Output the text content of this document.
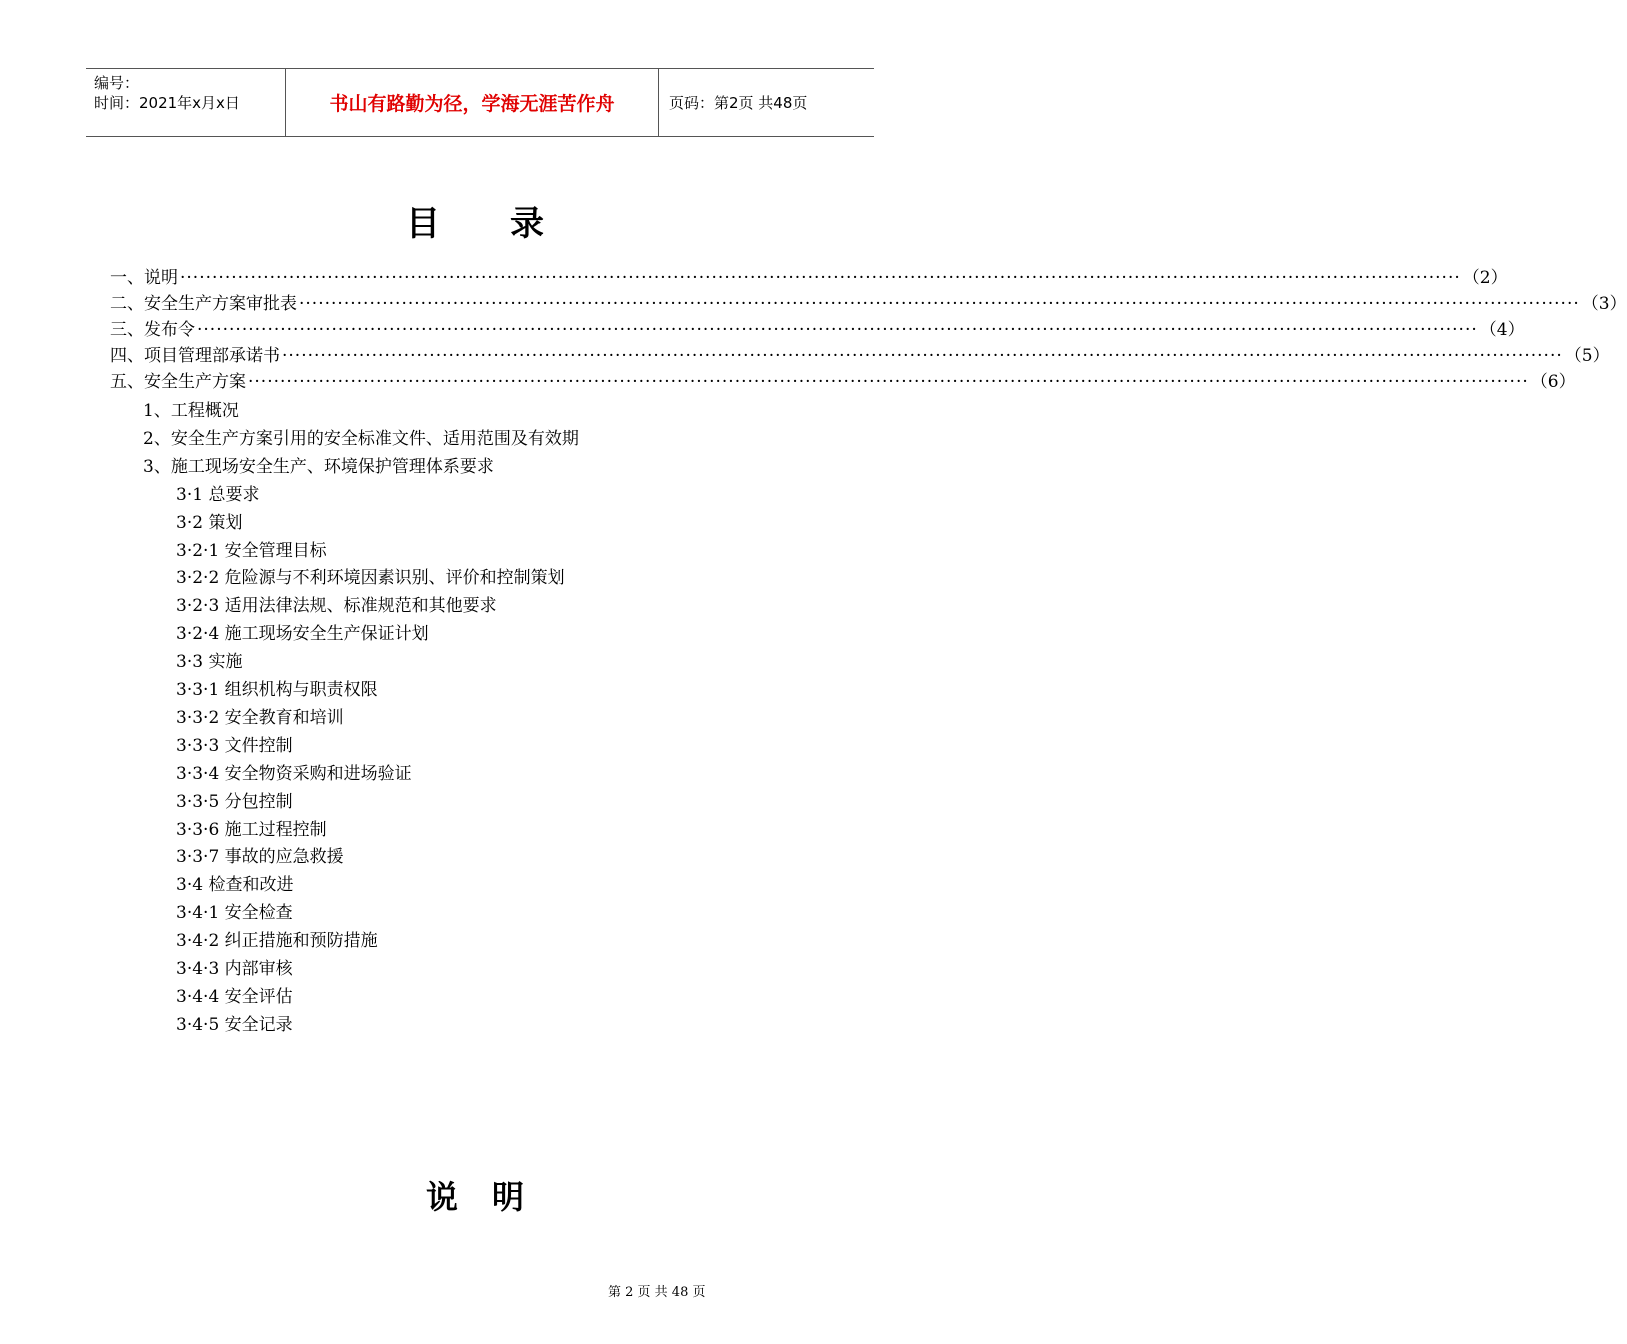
编号：
时间：2021年x月x日	书山有路勤为径，学海无涯苦作舟	页码：第2页 共48页
目录
一、说明 ········································································································································································································ （2）
二、安全生产方案审批表 ········································································································································································································ （3）
三、发布令 ········································································································································································································ （4）
四、项目管理部承诺书 ········································································································································································································ （5）
五、安全生产方案 ········································································································································································································ （6）
1、工程概况
2、安全生产方案引用的安全标准文件、适用范围及有效期
3、施工现场安全生产、环境保护管理体系要求
3·1 总要求
3·2 策划
3·2·1 安全管理目标
3·2·2 危险源与不利环境因素识别、评价和控制策划
3·2·3 适用法律法规、标准规范和其他要求
3·2·4 施工现场安全生产保证计划
3·3 实施
3·3·1 组织机构与职责权限
3·3·2 安全教育和培训
3·3·3 文件控制
3·3·4 安全物资采购和进场验证
3·3·5 分包控制
3·3·6 施工过程控制
3·3·7 事故的应急救援
3·4 检查和改进
3·4·1 安全检查
3·4·2 纠正措施和预防措施
3·4·3 内部审核
3·4·4 安全评估
3·4·5 安全记录
说明
第 2 页 共 48 页
